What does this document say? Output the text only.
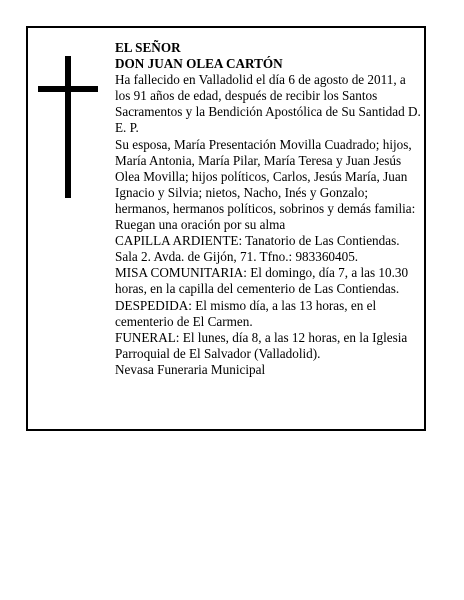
EL SEÑOR

DON JUAN OLEA CARTÓN

Ha fallecido en Valladolid el día 6 de agosto de 2011, a los 91 años de edad, después de recibir los Santos Sacramentos y la Bendición Apostólica de Su Santidad D. E. P.

Su esposa, María Presentación Movilla Cuadrado; hijos, María Antonia, María Pilar, María Teresa y Juan Jesús Olea Movilla; hijos políticos, Carlos, Jesús María, Juan Ignacio y Silvia; nietos, Nacho, Inés y Gonzalo; hermanos, hermanos políticos, sobrinos y demás familia:

Ruegan una oración por su alma

CAPILLA ARDIENTE: Tanatorio de Las Contiendas. Sala 2. Avda. de Gijón, 71. Tfno.: 983360405.

MISA COMUNITARIA: El domingo, día 7, a las 10.30 horas, en la capilla del cementerio de Las Contiendas.

DESPEDIDA: El mismo día, a las 13 horas, en el cementerio de El Carmen.

FUNERAL: El lunes, día 8, a las 12 horas, en la Iglesia Parroquial de El Salvador (Valladolid).

Nevasa Funeraria Municipal
